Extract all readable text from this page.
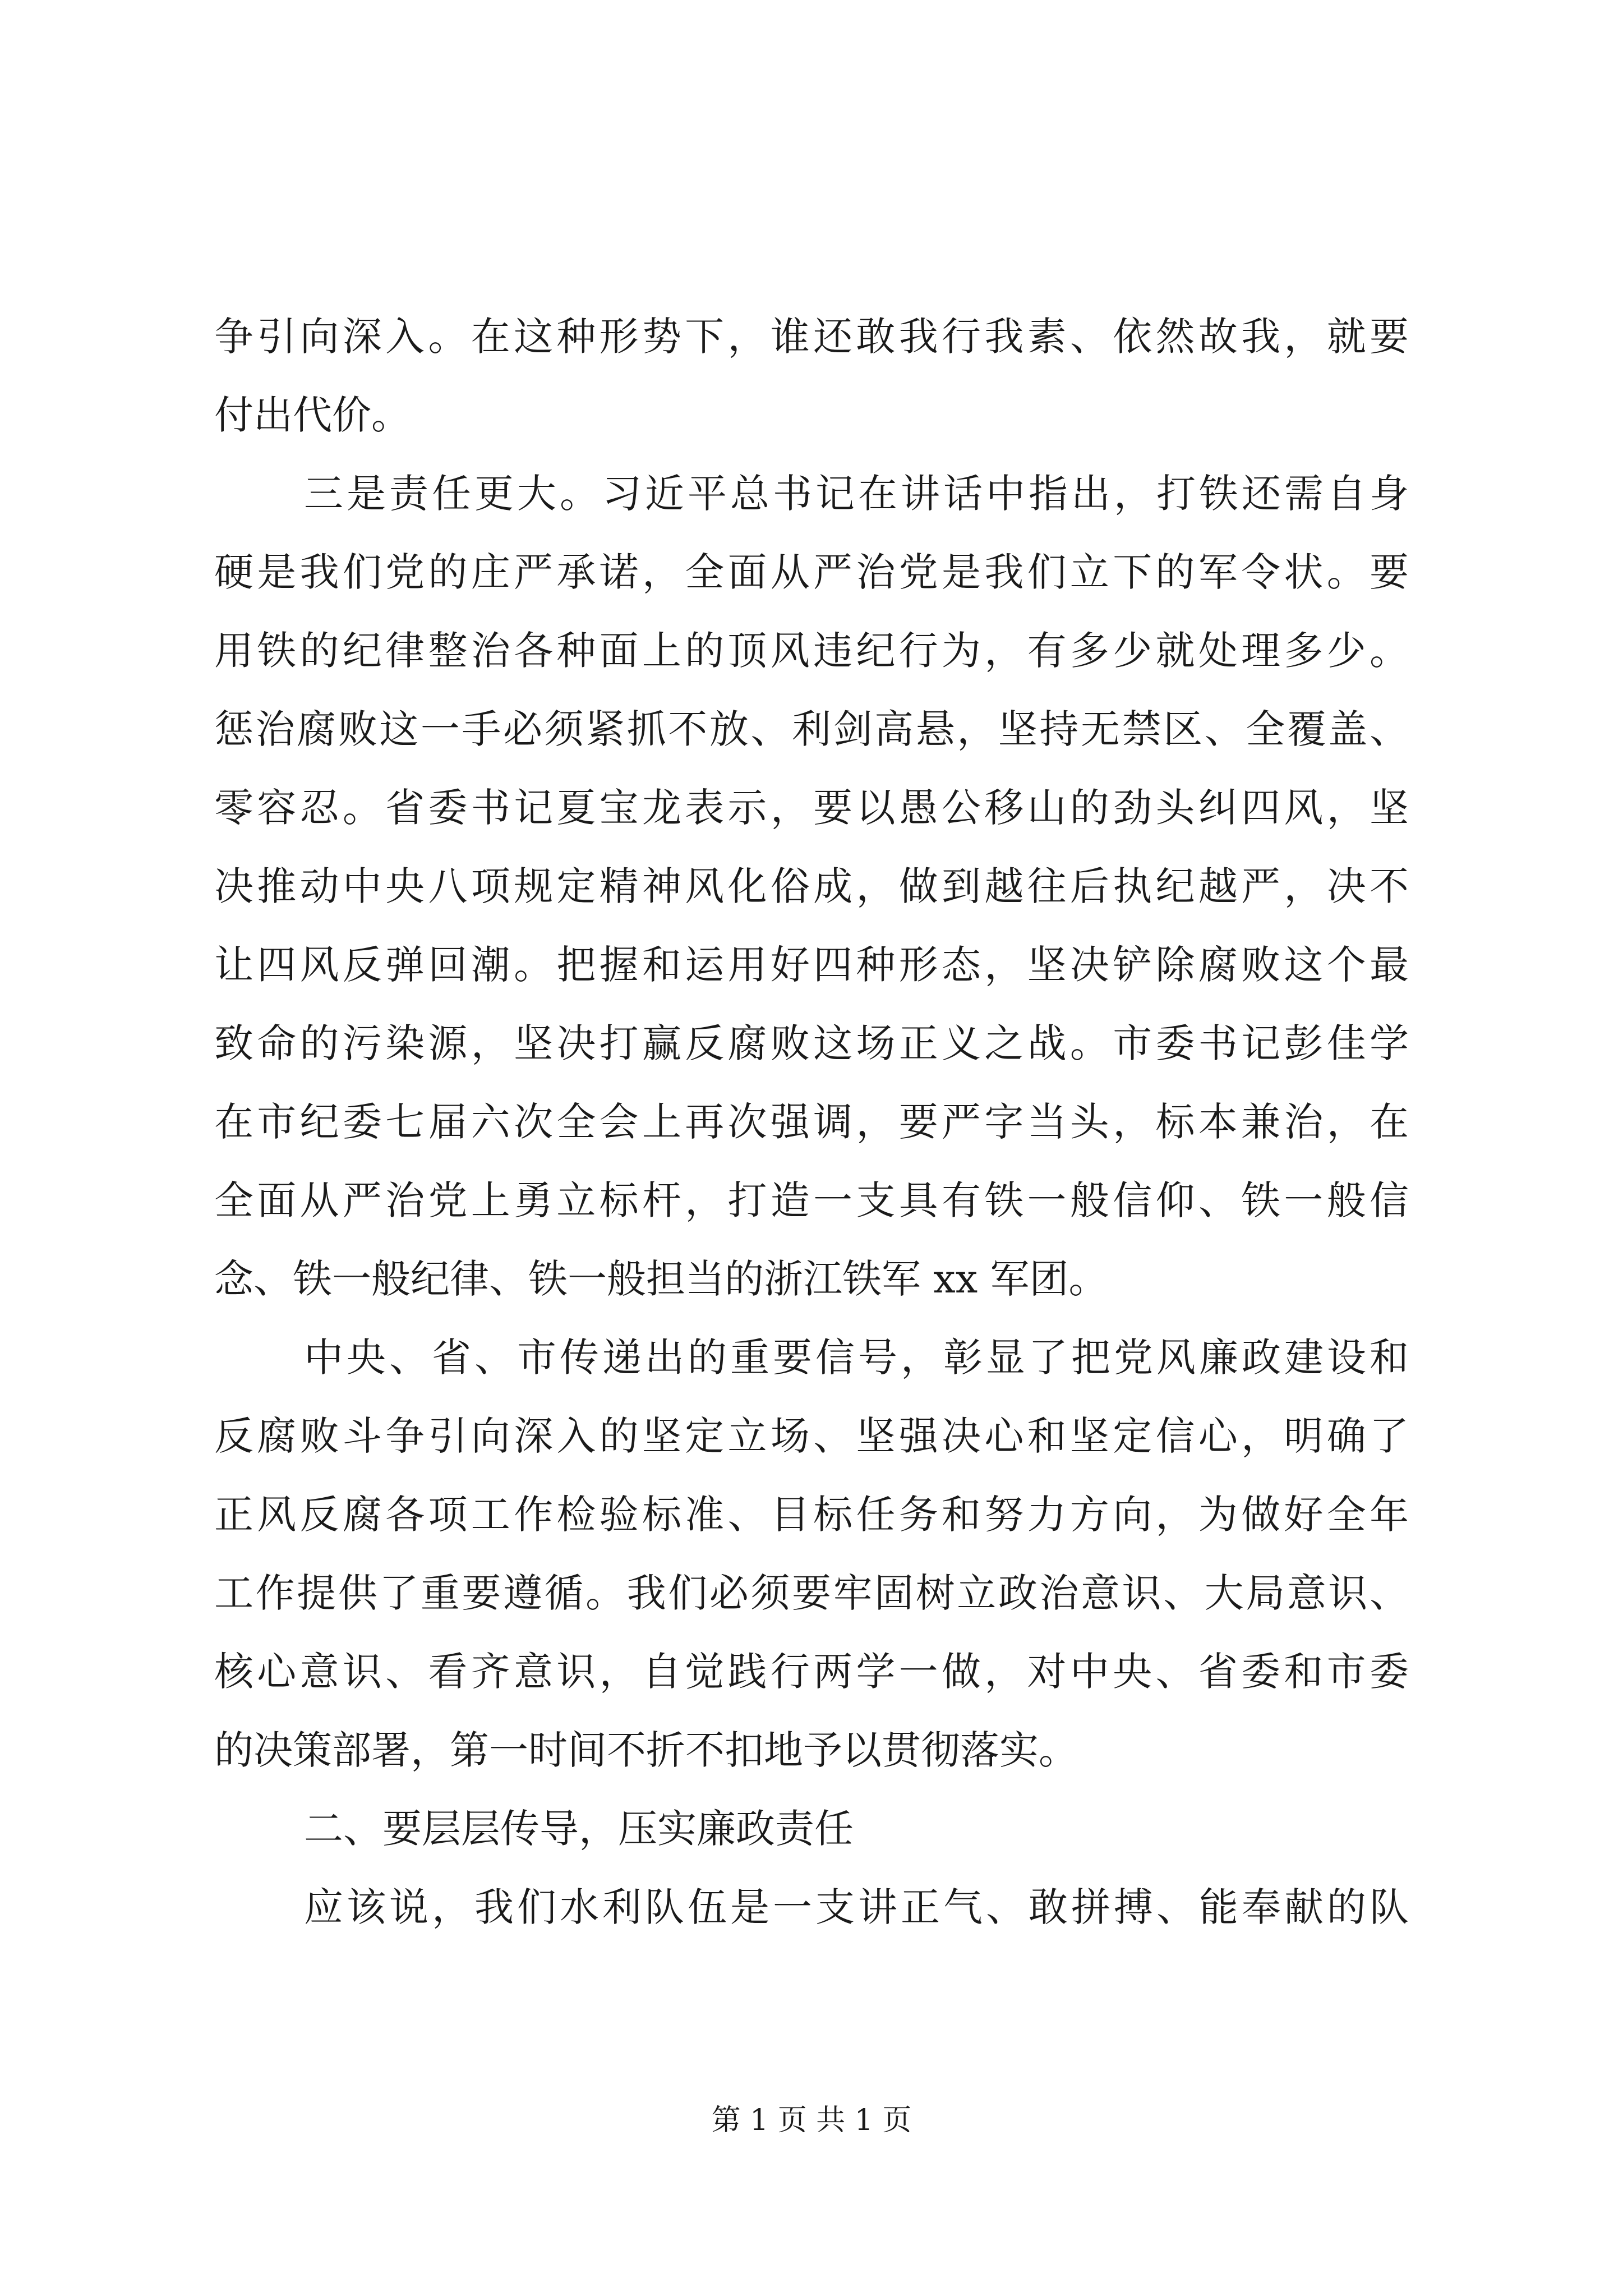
争引向深入。在这种形势下，谁还敢我行我素、依然故我，就要
付出代价。
三是责任更大。习近平总书记在讲话中指出，打铁还需自身
硬是我们党的庄严承诺，全面从严治党是我们立下的军令状。要
用铁的纪律整治各种面上的顶风违纪行为，有多少就处理多少。
惩治腐败这一手必须紧抓不放、利剑高悬，坚持无禁区、全覆盖、
零容忍。省委书记夏宝龙表示，要以愚公移山的劲头纠四风，坚
决推动中央八项规定精神风化俗成，做到越往后执纪越严，决不
让四风反弹回潮。把握和运用好四种形态，坚决铲除腐败这个最
致命的污染源，坚决打赢反腐败这场正义之战。市委书记彭佳学
在市纪委七届六次全会上再次强调，要严字当头，标本兼治，在
全面从严治党上勇立标杆，打造一支具有铁一般信仰、铁一般信
念、铁一般纪律、铁一般担当的浙江铁军 xx 军团。
中央、省、市传递出的重要信号，彰显了把党风廉政建设和
反腐败斗争引向深入的坚定立场、坚强决心和坚定信心，明确了
正风反腐各项工作检验标准、目标任务和努力方向，为做好全年
工作提供了重要遵循。我们必须要牢固树立政治意识、大局意识、
核心意识、看齐意识，自觉践行两学一做，对中央、省委和市委
的决策部署，第一时间不折不扣地予以贯彻落实。
二、要层层传导，压实廉政责任
应该说，我们水利队伍是一支讲正气、敢拼搏、能奉献的队
第 1 页 共 1 页
